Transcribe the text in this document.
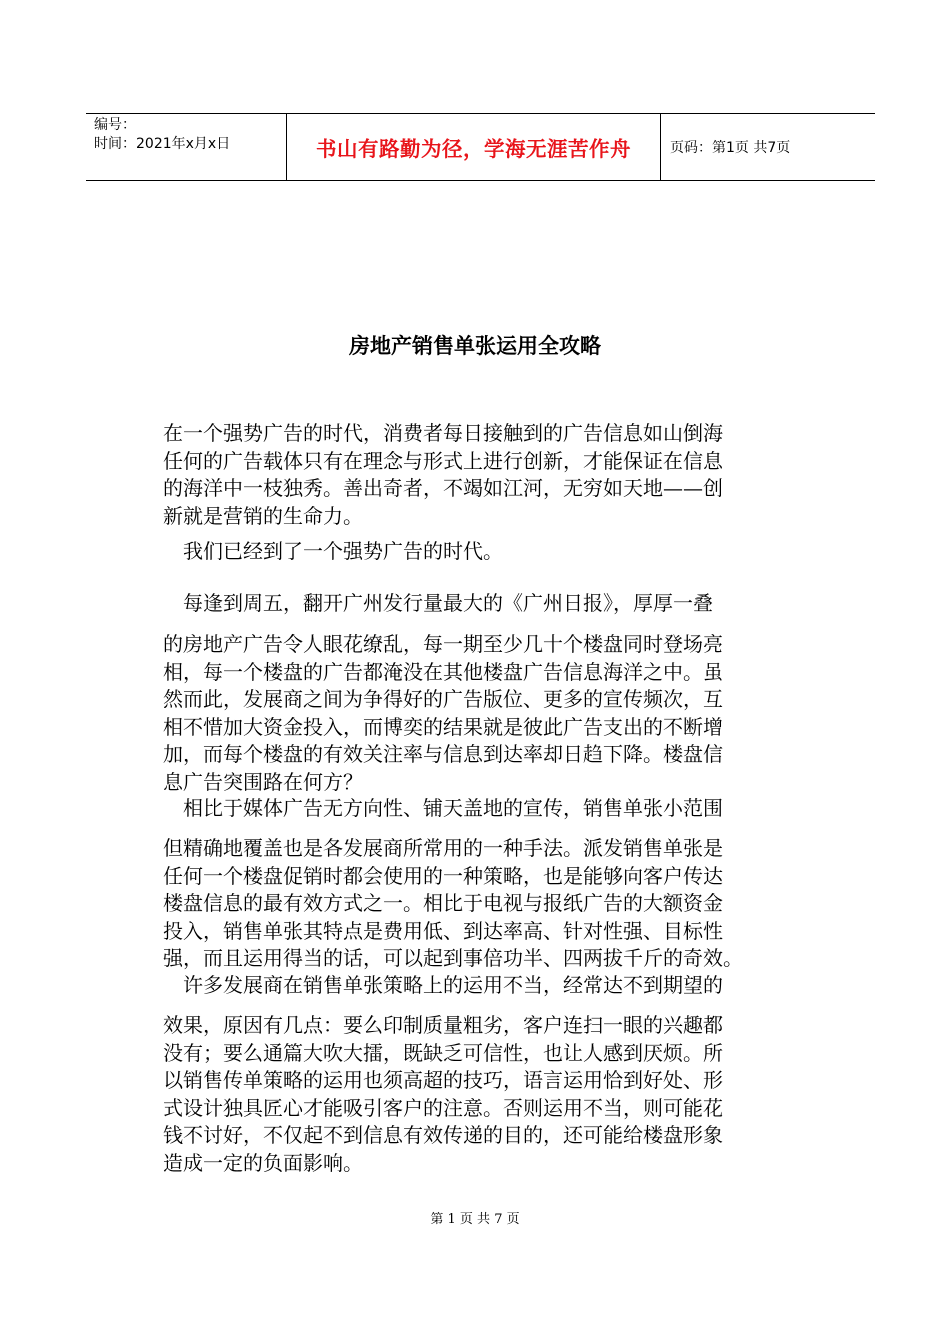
编号：
时间：2021年x月x日	书山有路勤为径，学海无涯苦作舟	页码：第1页 共7页
房地产销售单张运用全攻略

在一个强势广告的时代，消费者每日接触到的广告信息如山倒海
任何的广告载体只有在理念与形式上进行创新，才能保证在信息
的海洋中一枝独秀。善出奇者，不竭如江河，无穷如天地——创
新就是营销的生命力。

　我们已经到了一个强势广告的时代。

　每逢到周五，翻开广州发行量最大的《广州日报》，厚厚一叠

的房地产广告令人眼花缭乱，每一期至少几十个楼盘同时登场亮
相，每一个楼盘的广告都淹没在其他楼盘广告信息海洋之中。虽
然而此，发展商之间为争得好的广告版位、更多的宣传频次，互
相不惜加大资金投入，而博奕的结果就是彼此广告支出的不断增
加，而每个楼盘的有效关注率与信息到达率却日趋下降。楼盘信
息广告突围路在何方？

　相比于媒体广告无方向性、铺天盖地的宣传，销售单张小范围

但精确地覆盖也是各发展商所常用的一种手法。派发销售单张是
任何一个楼盘促销时都会使用的一种策略，也是能够向客户传达
楼盘信息的最有效方式之一。相比于电视与报纸广告的大额资金
投入，销售单张其特点是费用低、到达率高、针对性强、目标性
强，而且运用得当的话，可以起到事倍功半、四两拔千斤的奇效。

　许多发展商在销售单张策略上的运用不当，经常达不到期望的

效果，原因有几点：要么印制质量粗劣，客户连扫一眼的兴趣都
没有；要么通篇大吹大擂，既缺乏可信性，也让人感到厌烦。所
以销售传单策略的运用也须高超的技巧，语言运用恰到好处、形
式设计独具匠心才能吸引客户的注意。否则运用不当，则可能花
钱不讨好，不仅起不到信息有效传递的目的，还可能给楼盘形象
造成一定的负面影响。

第 1 页 共 7 页
